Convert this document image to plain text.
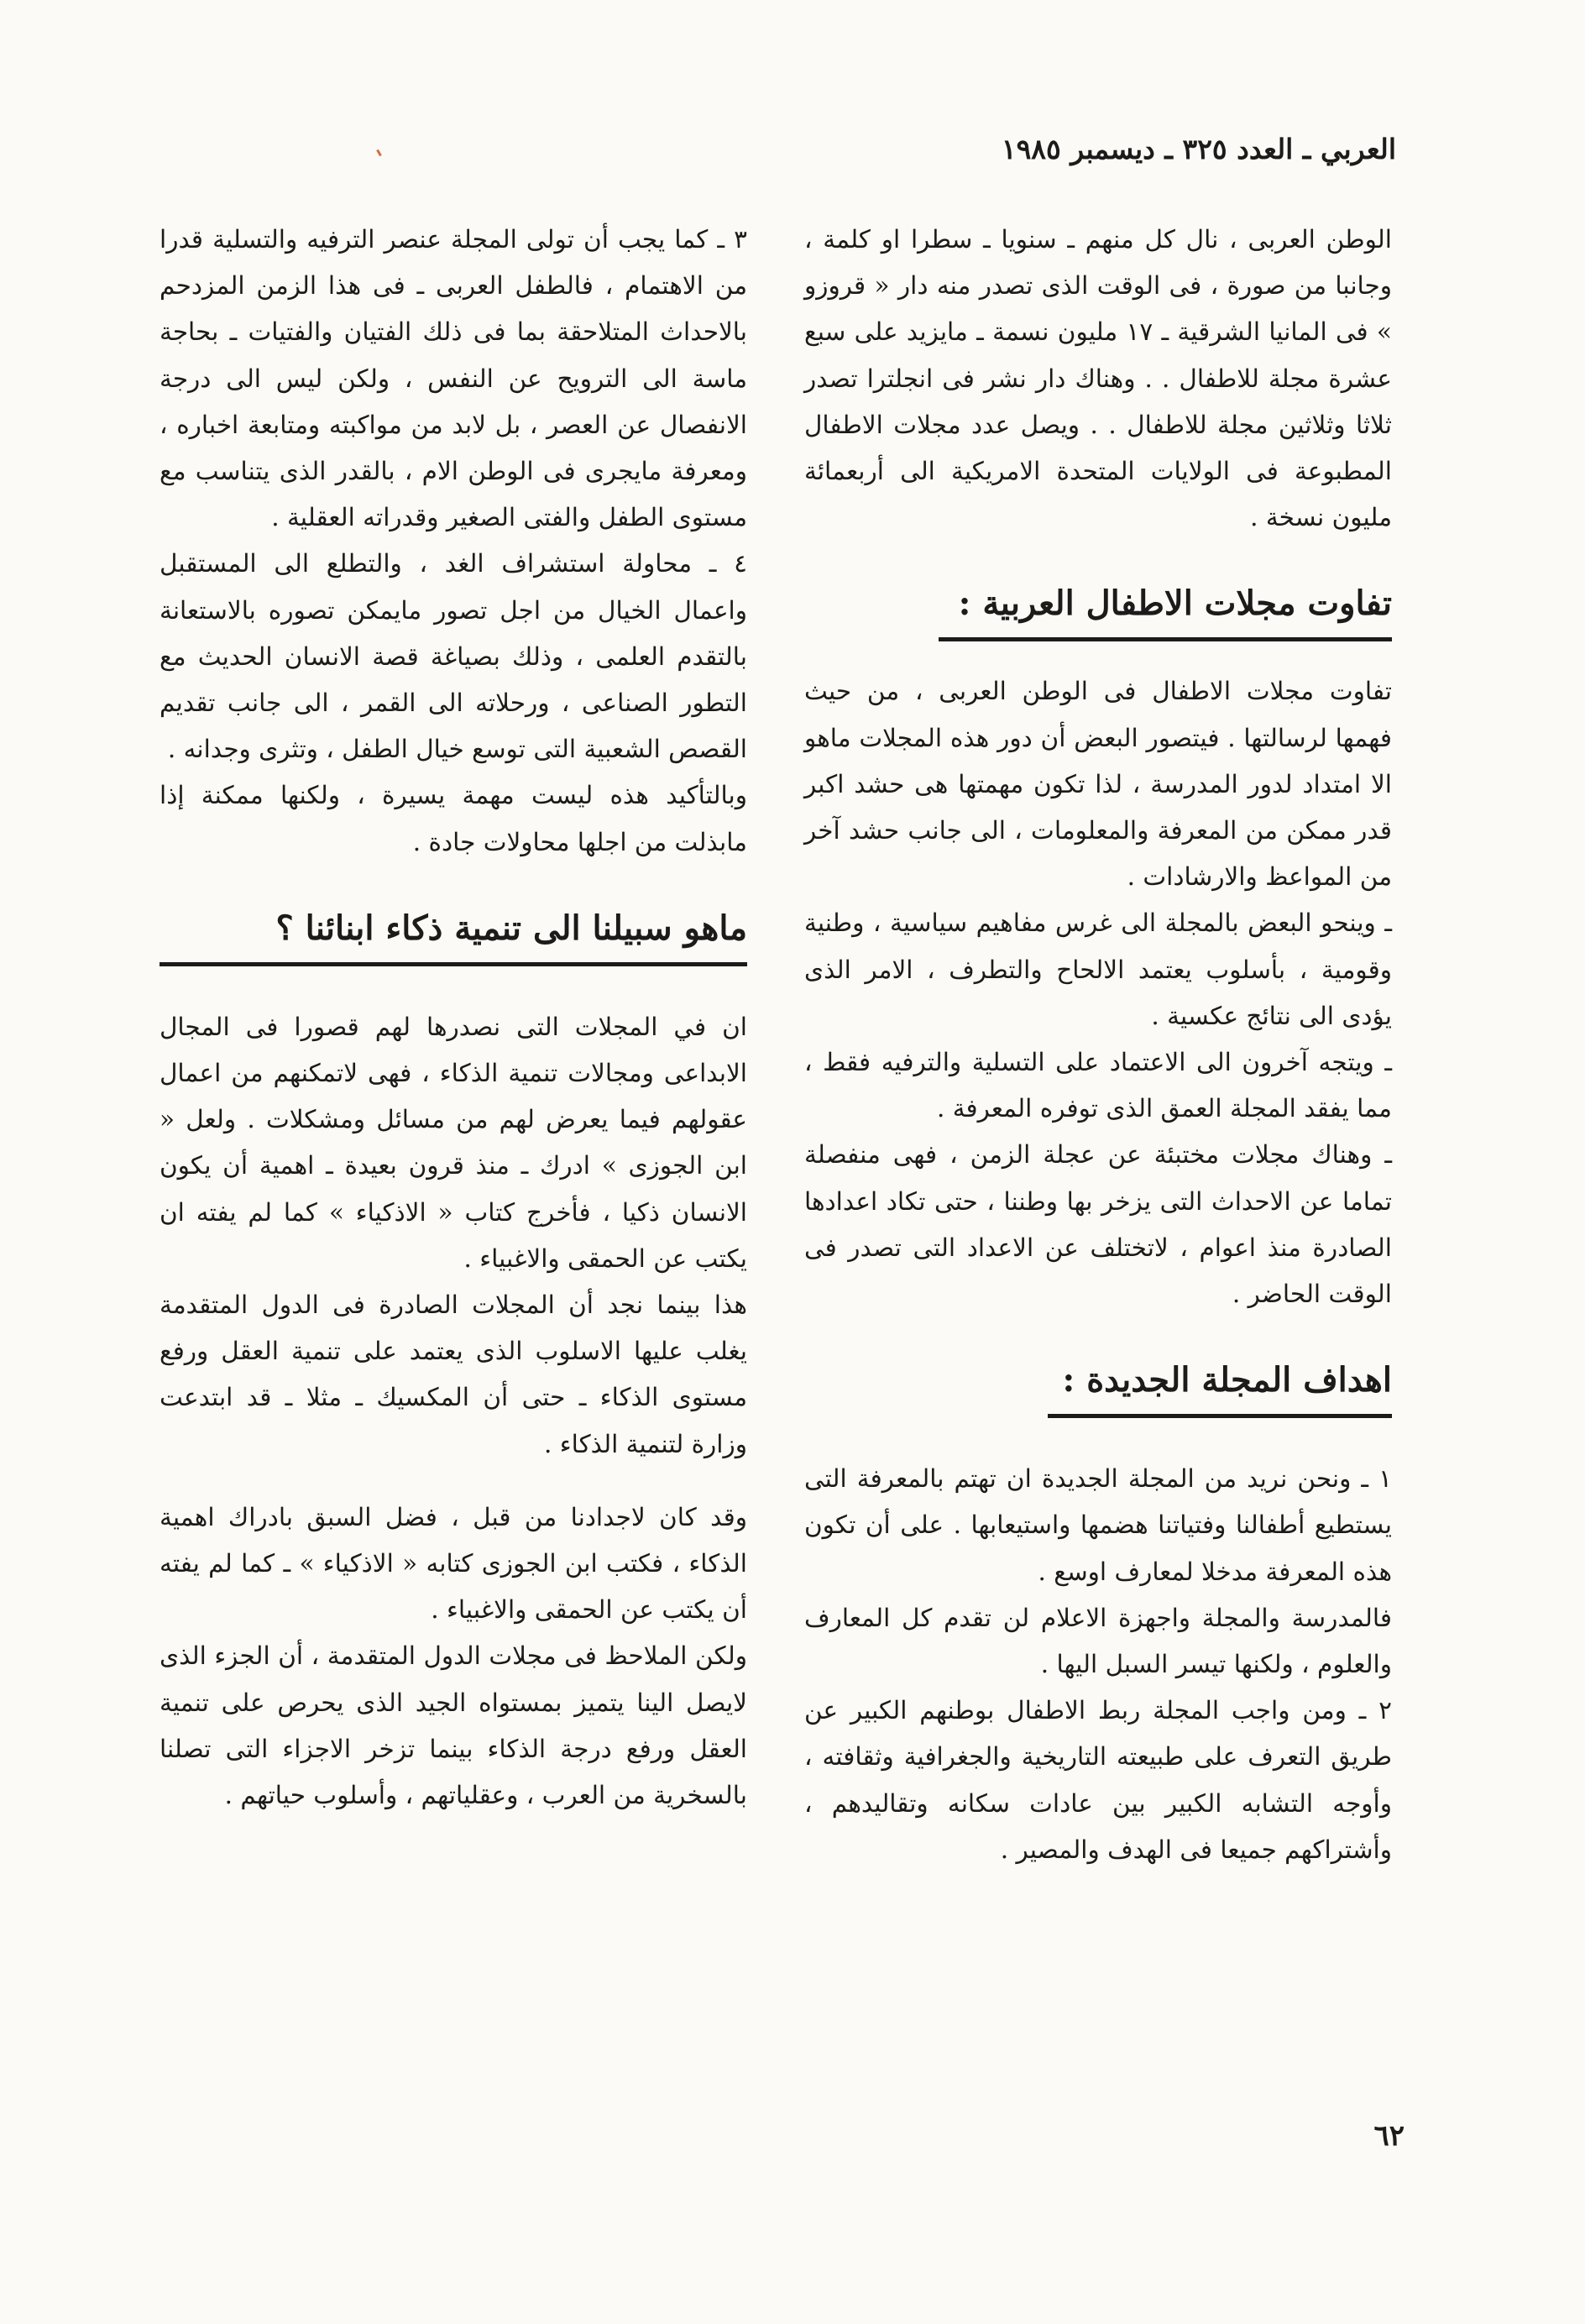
العربي ـ العدد ٣٢٥ ـ ديسمبر ١٩٨٥

الوطن العربى ، نال كل منهم ـ سنويا ـ سطرا او كلمة ، وجانبا من صورة ، فى الوقت الذى تصدر منه دار « قروزو » فى المانيا الشرقية ـ ١٧ مليون نسمة ـ مايزيد على سبع عشرة مجلة للاطفال . . وهناك دار نشر فى انجلترا تصدر ثلاثا وثلاثين مجلة للاطفال . . ويصل عدد مجلات الاطفال المطبوعة فى الولايات المتحدة الامريكية الى أربعمائة مليون نسخة .

تفاوت مجلات الاطفال العربية :

تفاوت مجلات الاطفال فى الوطن العربى ، من حيث فهمها لرسالتها . فيتصور البعض أن دور هذه المجلات ماهو الا امتداد لدور المدرسة ، لذا تكون مهمتها هى حشد اكبر قدر ممكن من المعرفة والمعلومات ، الى جانب حشد آخر من المواعظ والارشادات .

ـ وينحو البعض بالمجلة الى غرس مفاهيم سياسية ، وطنية وقومية ، بأسلوب يعتمد الالحاح والتطرف ، الامر الذى يؤدى الى نتائج عكسية .

ـ ويتجه آخرون الى الاعتماد على التسلية والترفيه فقط ، مما يفقد المجلة العمق الذى توفره المعرفة .

ـ وهناك مجلات مختبئة عن عجلة الزمن ، فهى منفصلة تماما عن الاحداث التى يزخر بها وطننا ، حتى تكاد اعدادها الصادرة منذ اعوام ، لاتختلف عن الاعداد التى تصدر فى الوقت الحاضر .

اهداف المجلة الجديدة :

١ ـ ونحن نريد من المجلة الجديدة ان تهتم بالمعرفة التى يستطيع أطفالنا وفتياتنا هضمها واستيعابها . على أن تكون هذه المعرفة مدخلا لمعارف اوسع .

فالمدرسة والمجلة واجهزة الاعلام لن تقدم كل المعارف والعلوم ، ولكنها تيسر السبل اليها .

٢ ـ ومن واجب المجلة ربط الاطفال بوطنهم الكبير عن طريق التعرف على طبيعته التاريخية والجغرافية وثقافته ، وأوجه التشابه الكبير بين عادات سكانه وتقاليدهم ، وأشتراكهم جميعا فى الهدف والمصير .

٣ ـ كما يجب أن تولى المجلة عنصر الترفيه والتسلية قدرا من الاهتمام ، فالطفل العربى ـ فى هذا الزمن المزدحم بالاحداث المتلاحقة بما فى ذلك الفتيان والفتيات ـ بحاجة ماسة الى الترويح عن النفس ، ولكن ليس الى درجة الانفصال عن العصر ، بل لابد من مواكبته ومتابعة اخباره ، ومعرفة مايجرى فى الوطن الام ، بالقدر الذى يتناسب مع مستوى الطفل والفتى الصغير وقدراته العقلية .

٤ ـ محاولة استشراف الغد ، والتطلع الى المستقبل واعمال الخيال من اجل تصور مايمكن تصوره بالاستعانة بالتقدم العلمى ، وذلك بصياغة قصة الانسان الحديث مع التطور الصناعى ، ورحلاته الى القمر ، الى جانب تقديم القصص الشعبية التى توسع خيال الطفل ، وتثرى وجدانه .

وبالتأكيد هذه ليست مهمة يسيرة ، ولكنها ممكنة إذا مابذلت من اجلها محاولات جادة .

ماهو سبيلنا الى تنمية ذكاء ابنائنا ؟

ان في المجلات التى نصدرها لهم قصورا فى المجال الابداعى ومجالات تنمية الذكاء ، فهى لاتمكنهم من اعمال عقولهم فيما يعرض لهم من مسائل ومشكلات . ولعل « ابن الجوزى » ادرك ـ منذ قرون بعيدة ـ اهمية أن يكون الانسان ذكيا ، فأخرج كتاب « الاذكياء » كما لم يفته ان يكتب عن الحمقى والاغبياء .

هذا بينما نجد أن المجلات الصادرة فى الدول المتقدمة يغلب عليها الاسلوب الذى يعتمد على تنمية العقل ورفع مستوى الذكاء ـ حتى أن المكسيك ـ مثلا ـ قد ابتدعت وزارة لتنمية الذكاء .

وقد كان لاجدادنا من قبل ، فضل السبق بادراك اهمية الذكاء ، فكتب ابن الجوزى كتابه « الاذكياء » ـ كما لم يفته أن يكتب عن الحمقى والاغبياء .

ولكن الملاحظ فى مجلات الدول المتقدمة ، أن الجزء الذى لايصل الينا يتميز بمستواه الجيد الذى يحرص على تنمية العقل ورفع درجة الذكاء بينما تزخر الاجزاء التى تصلنا بالسخرية من العرب ، وعقلياتهم ، وأسلوب حياتهم .

٦٢
